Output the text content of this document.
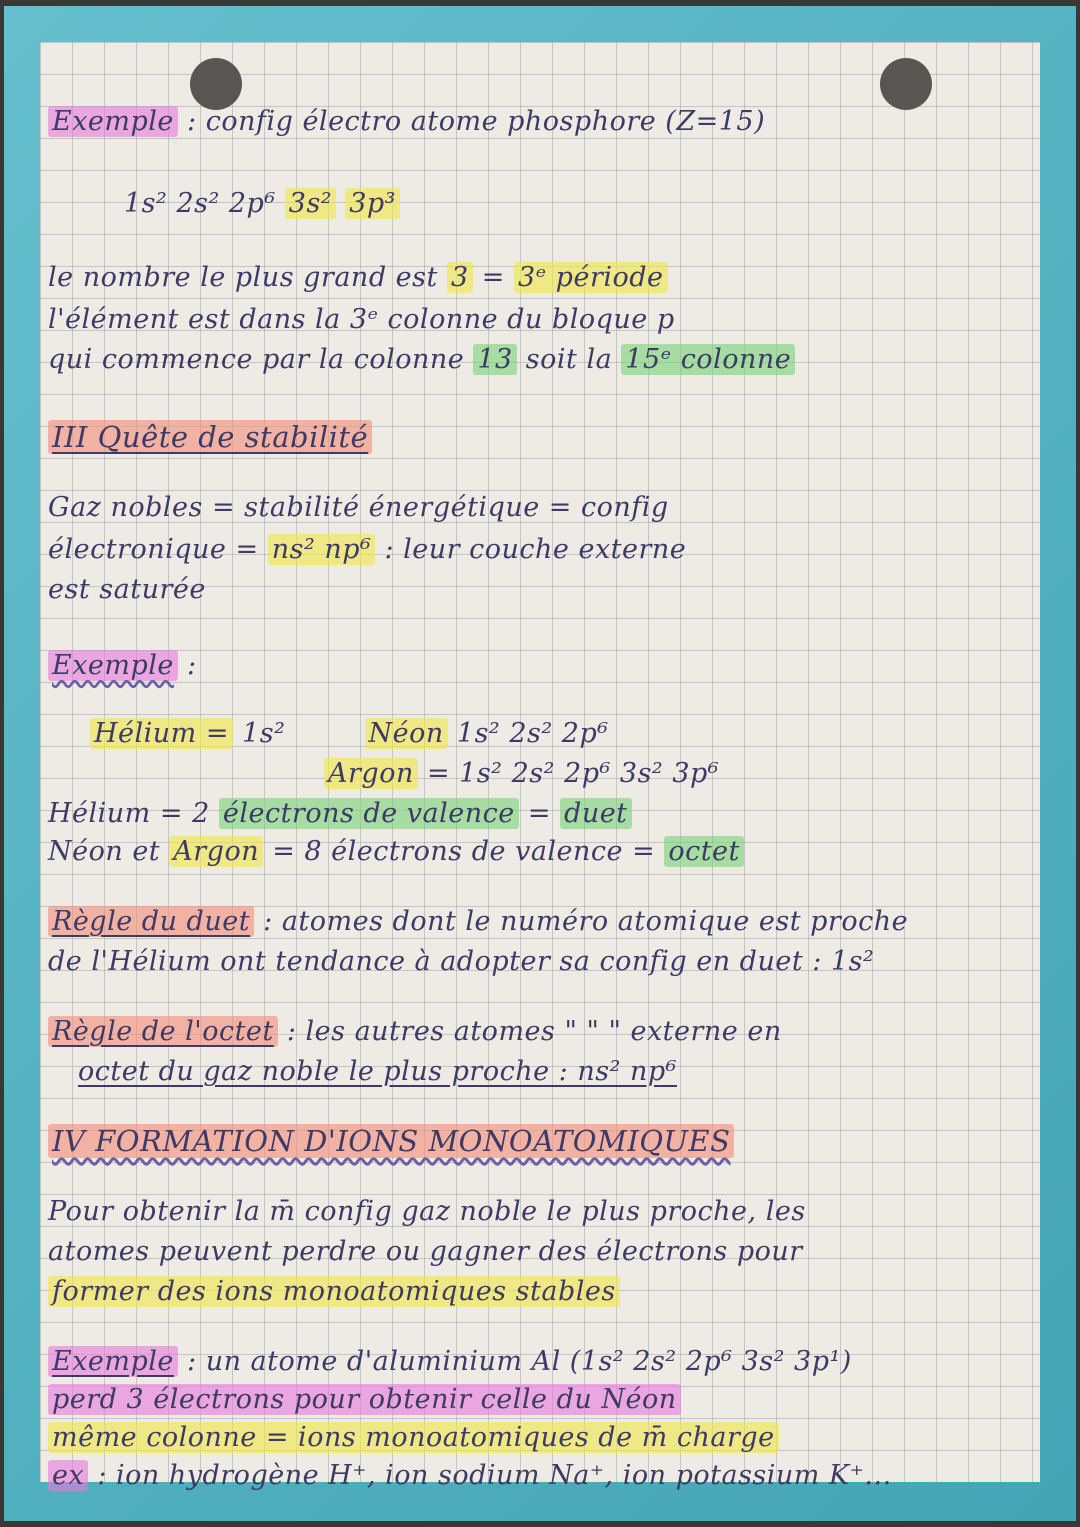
Exemple : config électro atome phosphore (Z=15)
1s² 2s² 2p⁶ 3s² 3p³
le nombre le plus grand est 3 = 3ᵉ période
l'élément est dans la 3ᵉ colonne du bloque p
qui commence par la colonne 13 soit la 15ᵉ colonne
III Quête de stabilité
Gaz nobles = stabilité énergétique = config
électronique = ns² np⁶ : leur couche externe
est saturée
Exemple :
Hélium = 1s²	Néon 1s² 2s² 2p⁶
Argon = 1s² 2s² 2p⁶ 3s² 3p⁶
Hélium = 2 électrons de valence = duet
Néon et Argon = 8 électrons de valence = octet
Règle du duet : atomes dont le numéro atomique est proche
de l'Hélium ont tendance à adopter sa config en duet : 1s²
Règle de l'octet : les autres atomes " " " externe en
octet du gaz noble le plus proche : ns² np⁶
IV FORMATION D'IONS MONOATOMIQUES
Pour obtenir la m̄ config gaz noble le plus proche, les
atomes peuvent perdre ou gagner des électrons pour
former des ions monoatomiques stables
Exemple : un atome d'aluminium Al (1s² 2s² 2p⁶ 3s² 3p¹)
perd 3 électrons pour obtenir celle du Néon
même colonne = ions monoatomiques de m̄ charge
ex : ion hydrogène H⁺, ion sodium Na⁺, ion potassium K⁺...
